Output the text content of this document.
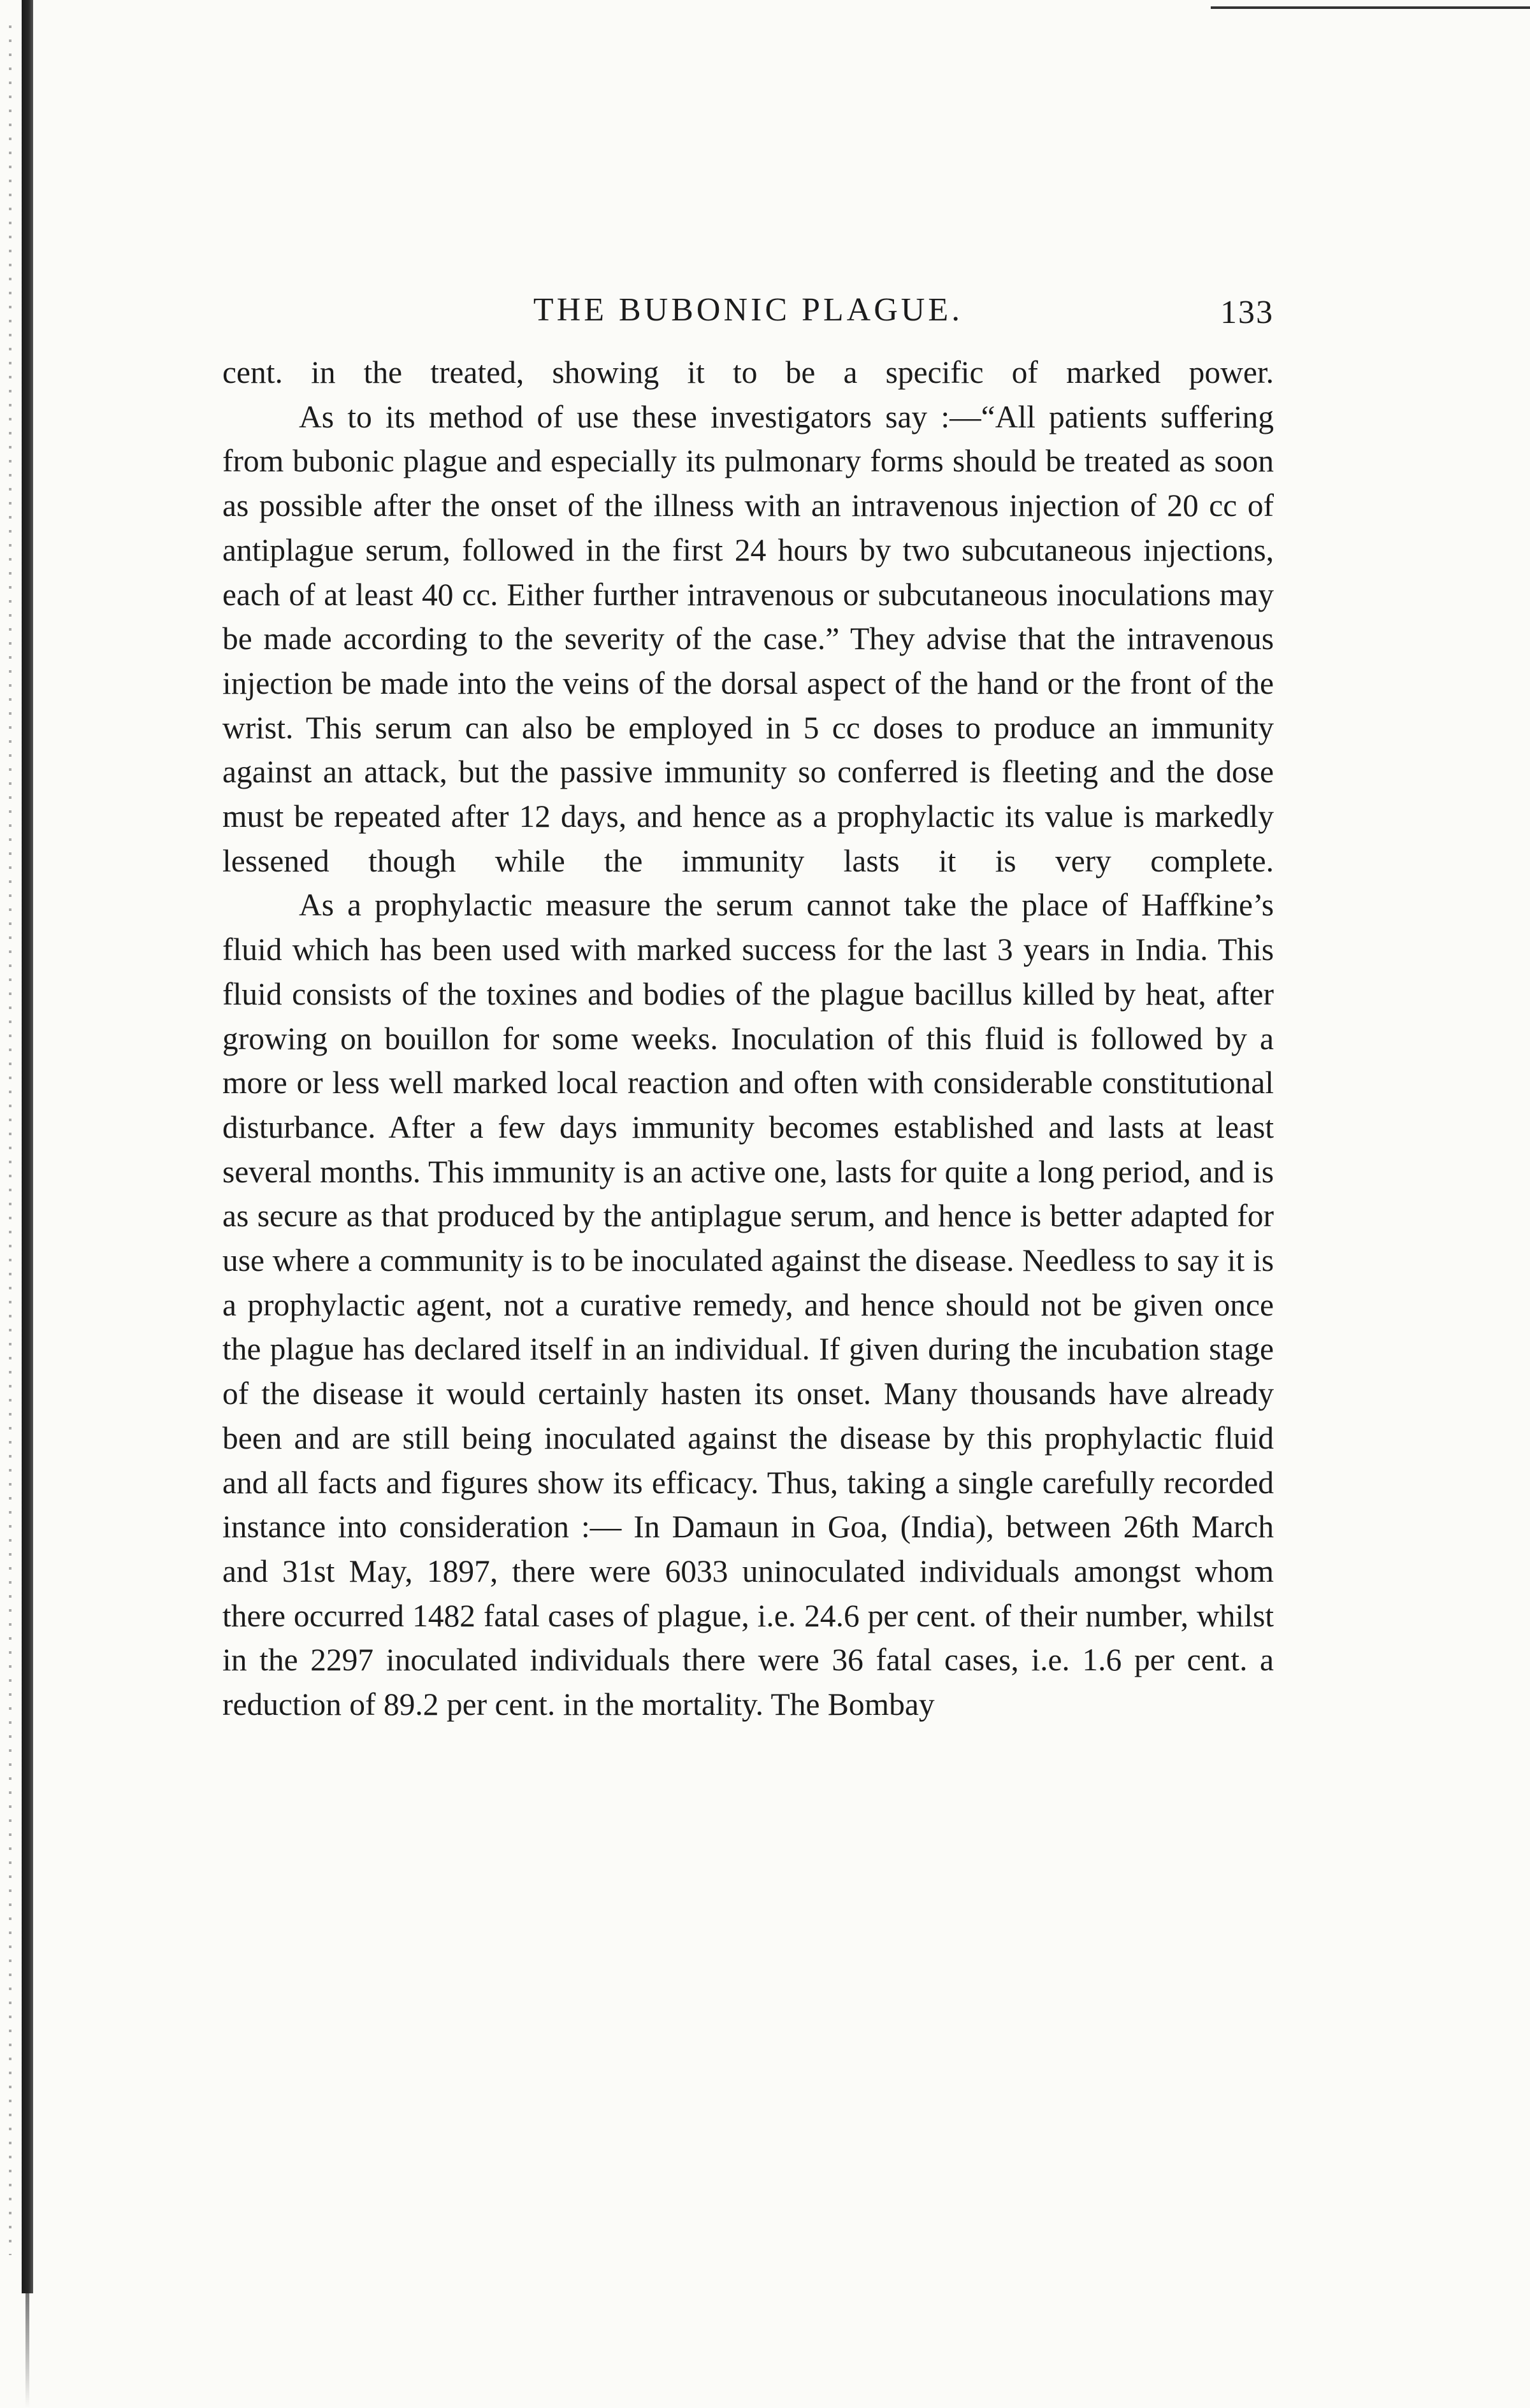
THE BUBONIC PLAGUE.	133

cent. in the treated, showing it to be a specific of marked power.

As to its method of use these investigators say :—“All patients suffering from bubonic plague and especially its pulmonary forms should be treated as soon as possible after the onset of the illness with an intravenous injection of 20 cc of antiplague serum, followed in the first 24 hours by two subcutaneous injections, each of at least 40 cc. Either further intravenous or subcutaneous inoculations may be made according to the severity of the case.” They advise that the intravenous injection be made into the veins of the dorsal aspect of the hand or the front of the wrist. This serum can also be employed in 5 cc doses to produce an immunity against an attack, but the passive immunity so conferred is fleeting and the dose must be repeated after 12 days, and hence as a prophylactic its value is markedly lessened though while the immunity lasts it is very complete.

As a prophylactic measure the serum cannot take the place of Haffkine’s fluid which has been used with marked success for the last 3 years in India. This fluid consists of the toxines and bodies of the plague bacillus killed by heat, after growing on bouillon for some weeks. Inoculation of this fluid is followed by a more or less well marked local reaction and often with considerable constitutional disturbance. After a few days immunity becomes established and lasts at least several months. This immunity is an active one, lasts for quite a long period, and is as secure as that produced by the antiplague serum, and hence is better adapted for use where a community is to be inoculated against the disease. Needless to say it is a prophylactic agent, not a curative remedy, and hence should not be given once the plague has declared itself in an individual. If given during the incubation stage of the disease it would certainly hasten its onset. Many thousands have already been and are still being inoculated against the disease by this prophylactic fluid and all facts and figures show its efficacy. Thus, taking a single carefully recorded instance into consideration :— In Damaun in Goa, (India), between 26th March and 31st May, 1897, there were 6033 uninoculated individuals amongst whom there occurred 1482 fatal cases of plague, i.e. 24.6 per cent. of their number, whilst in the 2297 inoculated individuals there were 36 fatal cases, i.e. 1.6 per cent. a reduction of 89.2 per cent. in the mortality. The Bombay
